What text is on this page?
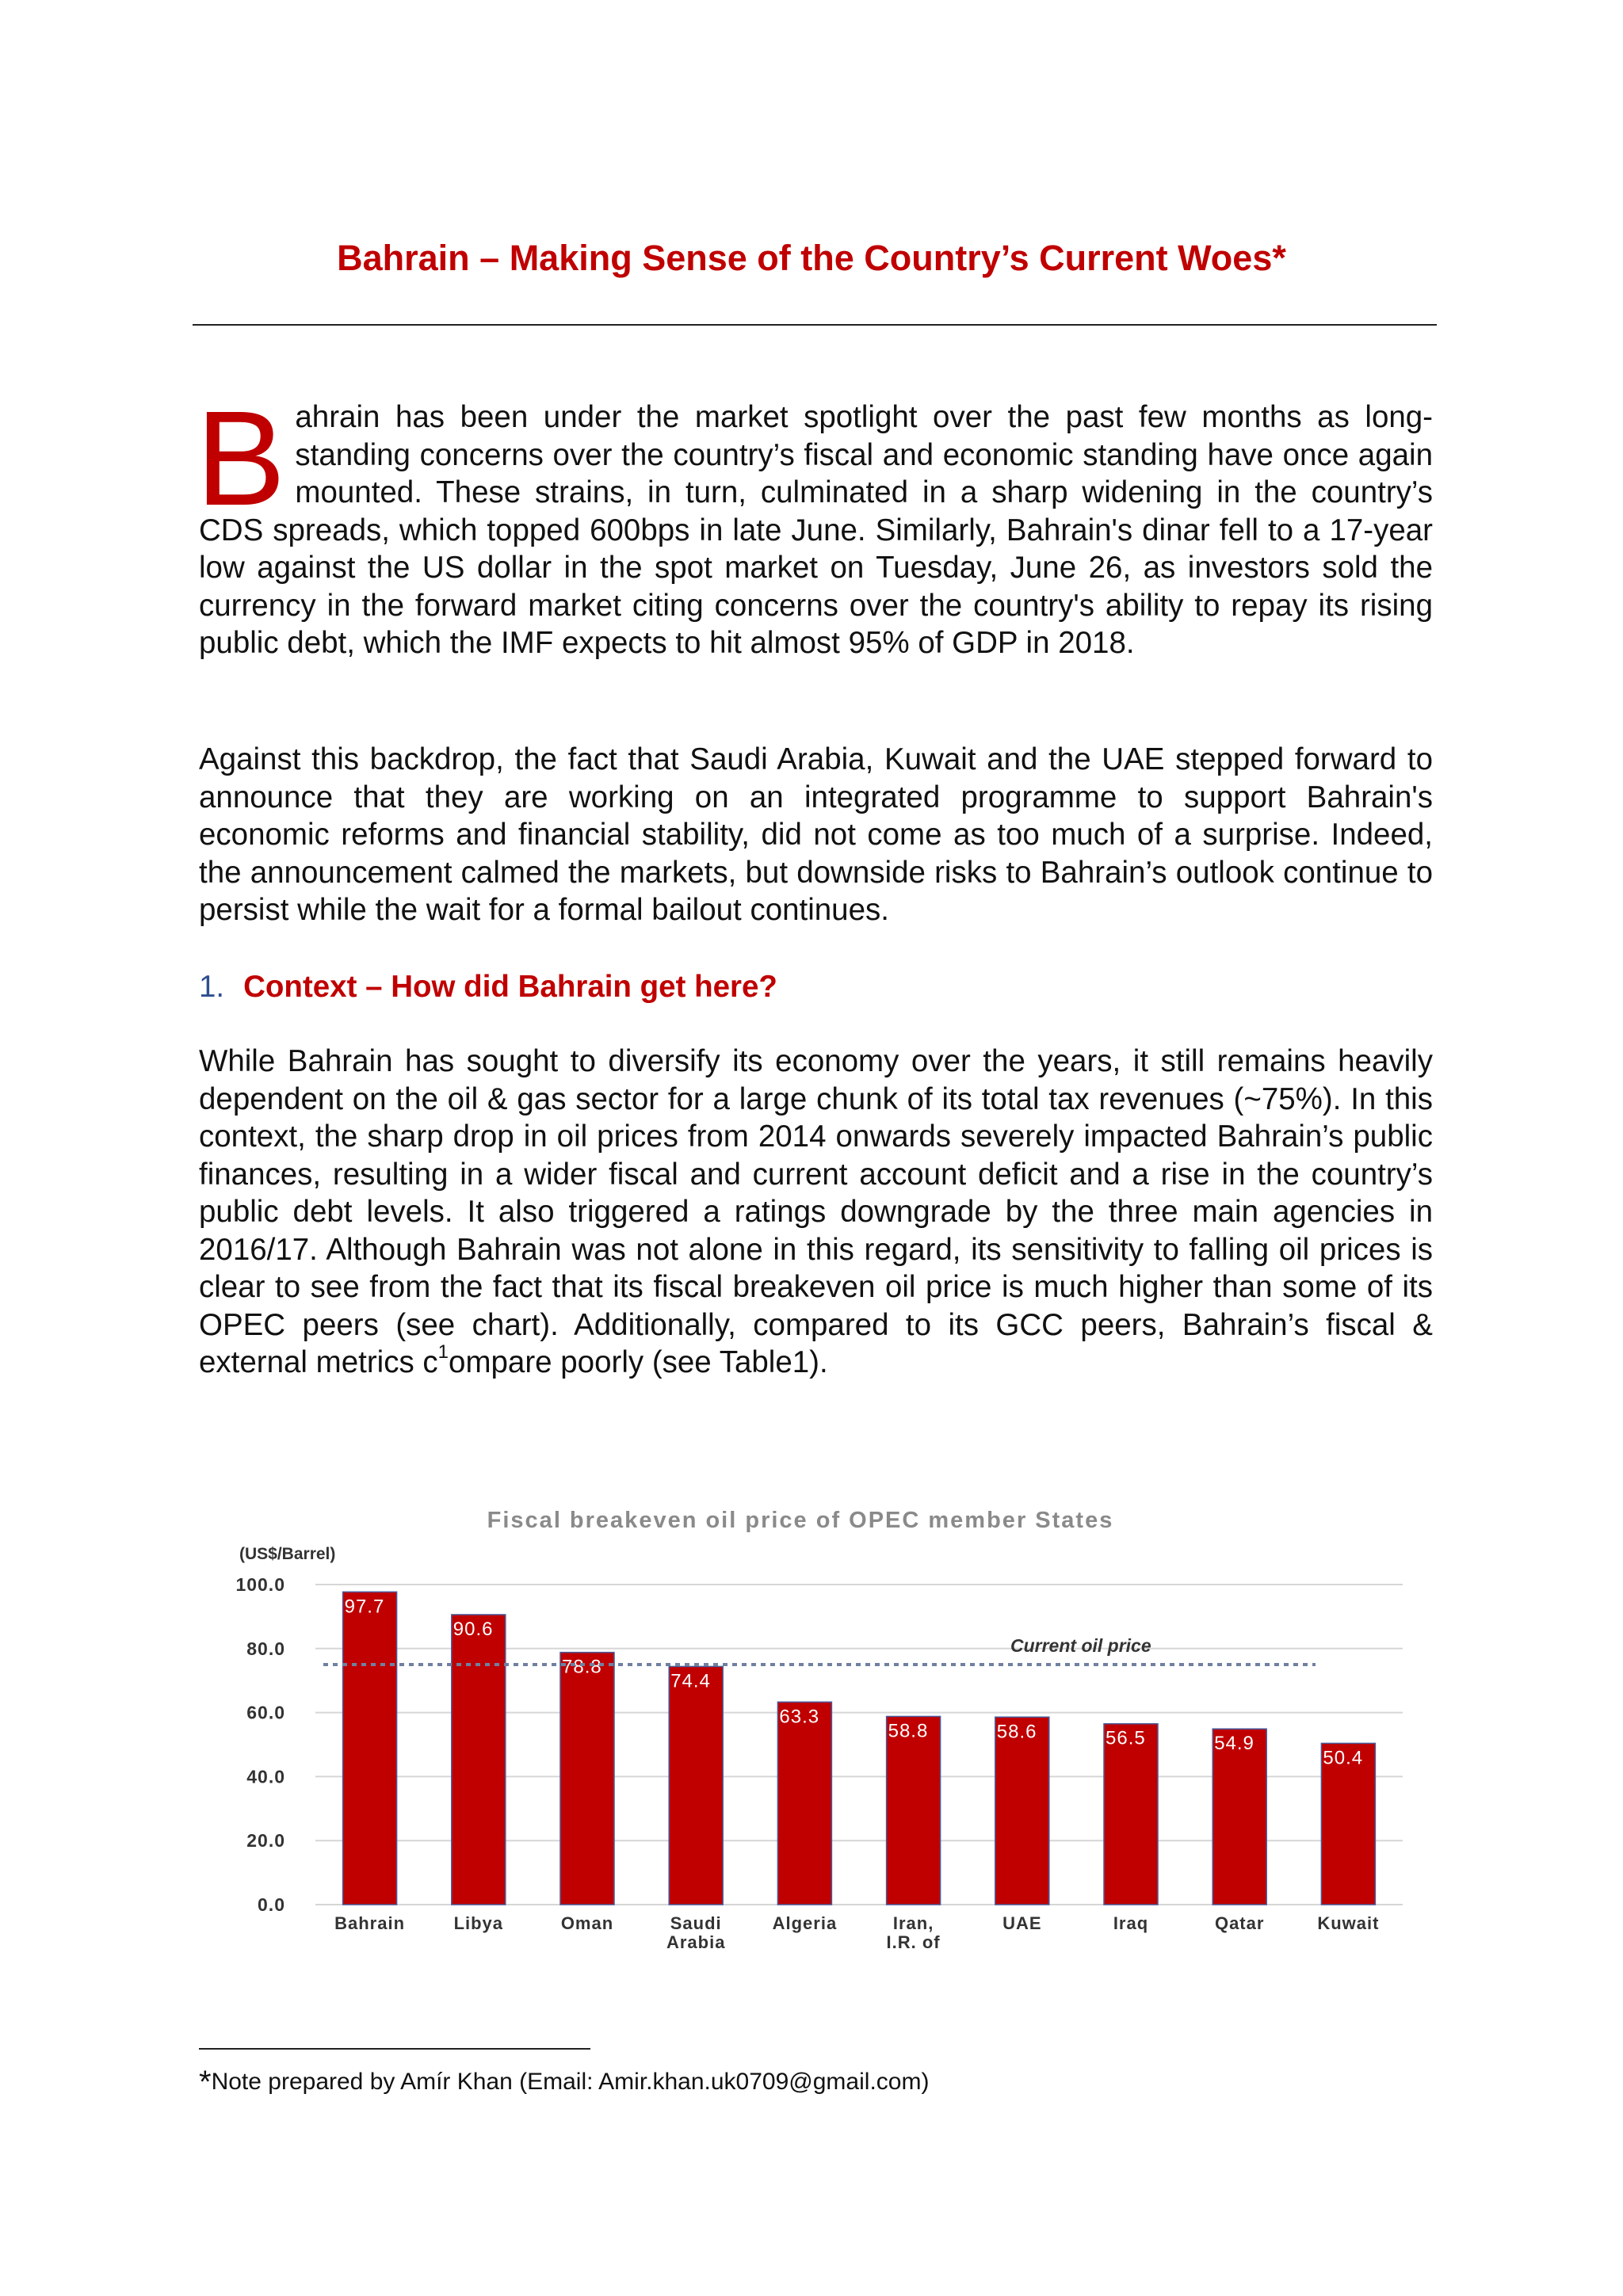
Bahrain – Making Sense of the Country’s Current Woes*

Bahrain has been under the market spotlight over the past few months as long-standing concerns over the country’s fiscal and economic standing have once again mounted. These strains, in turn, culminated in a sharp widening in the country’s CDS spreads, which topped 600bps in late June. Similarly, Bahrain's dinar fell to a 17-year low against the US dollar in the spot market on Tuesday, June 26, as investors sold the currency in the forward market citing concerns over the country's ability to repay its rising public debt, which the IMF expects to hit almost 95% of GDP in 2018.

Against this backdrop, the fact that Saudi Arabia, Kuwait and the UAE stepped forward to announce that they are working on an integrated programme to support Bahrain's economic reforms and financial stability, did not come as too much of a surprise. Indeed, the announcement calmed the markets, but downside risks to Bahrain’s outlook continue to persist while the wait for a formal bailout continues.

1. Context – How did Bahrain get here?

While Bahrain has sought to diversify its economy over the years, it still remains heavily dependent on the oil & gas sector for a large chunk of its total tax revenues (~75%). In this context, the sharp drop in oil prices from 2014 onwards severely impacted Bahrain’s public finances, resulting in a wider fiscal and current account deficit and a rise in the country’s public debt levels. It also triggered a ratings downgrade by the three main agencies in 2016/17. Although Bahrain was not alone in this regard, its sensitivity to falling oil prices is clear to see from the fact that its fiscal breakeven oil price is much higher than some of its OPEC peers (see chart). Additionally, compared to its GCC peers, Bahrain’s fiscal & external metrics $c^1ompare$ poorly (see Table1).

Fiscal breakeven oil price of OPEC member States
(US$/Barrel)
0.0
20.0
40.0
60.0
80.0
100.0
97.7
Bahrain
90.6
Libya
78.8
Oman
74.4
Saudi
Arabia
63.3
Algeria
58.8
Iran,
I.R. of
58.6
UAE
56.5
Iraq
54.9
Qatar
50.4
Kuwait
Current oil price

*Note prepared by Amír Khan (Email: Amir.khan.uk0709@gmail.com)
